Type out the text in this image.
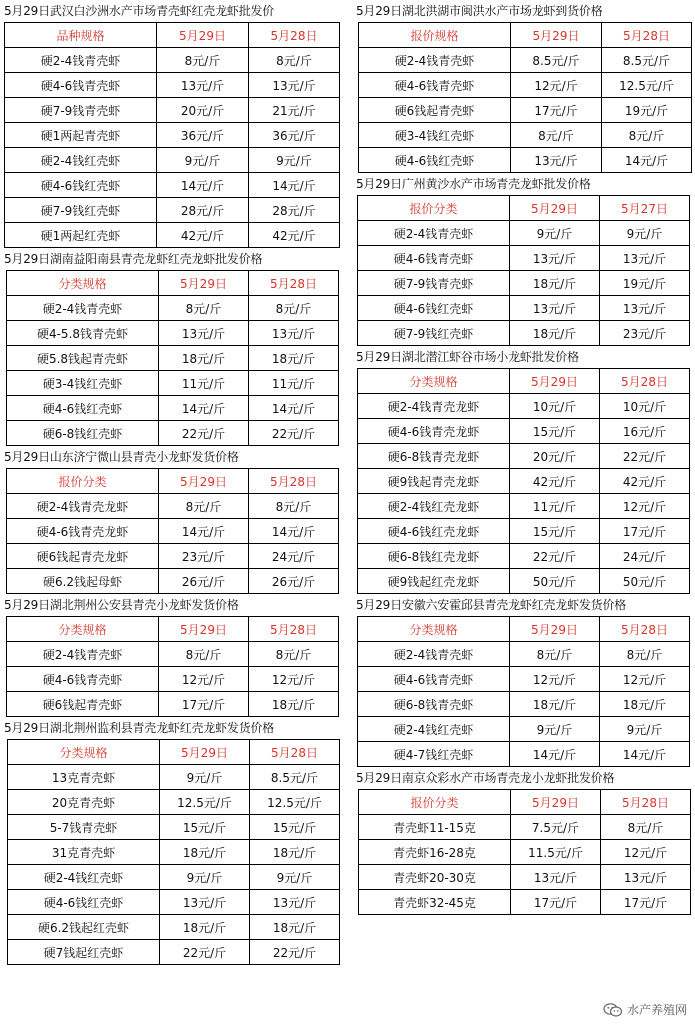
5月29日武汉白沙洲水产市场青壳虾红壳龙虾批发价
品种规格	5月29日	5月28日
硬2-4钱青壳虾	8元/斤	8元/斤
硬4-6钱青壳虾	13元/斤	13元/斤
硬7-9钱青壳虾	20元/斤	21元/斤
硬1两起青壳虾	36元/斤	36元/斤
硬2-4钱红壳虾	9元/斤	9元/斤
硬4-6钱红壳虾	14元/斤	14元/斤
硬7-9钱红壳虾	28元/斤	28元/斤
硬1两起红壳虾	42元/斤	42元/斤
5月29日湖南益阳南县青壳龙虾红壳龙虾批发价格
分类规格	5月29日	5月28日
硬2-4钱青壳虾	8元/斤	8元/斤
硬4-5.8钱青壳虾	13元/斤	13元/斤
硬5.8钱起青壳虾	18元/斤	18元/斤
硬3-4钱红壳虾	11元/斤	11元/斤
硬4-6钱红壳虾	14元/斤	14元/斤
硬6-8钱红壳虾	22元/斤	22元/斤
5月29日山东济宁微山县青壳小龙虾发货价格
报价分类	5月29日	5月28日
硬2-4钱青壳龙虾	8元/斤	8元/斤
硬4-6钱青壳龙虾	14元/斤	14元/斤
硬6钱起青壳龙虾	23元/斤	24元/斤
硬6.2钱起母虾	26元/斤	26元/斤
5月29日湖北荆州公安县青壳小龙虾发货价格
分类规格	5月29日	5月28日
硬2-4钱青壳虾	8元/斤	8元/斤
硬4-6钱青壳虾	12元/斤	12元/斤
硬6钱起青壳虾	17元/斤	18元/斤
5月29日湖北荆州监利县青壳龙虾红壳龙虾发货价格
分类规格	5月29日	5月28日
13克青壳虾	9元/斤	8.5元/斤
20克青壳虾	12.5元/斤	12.5元/斤
5-7钱青壳虾	15元/斤	15元/斤
31克青壳虾	18元/斤	18元/斤
硬2-4钱红壳虾	9元/斤	9元/斤
硬4-6钱红壳虾	13元/斤	13元/斤
硬6.2钱起红壳虾	18元/斤	18元/斤
硬7钱起红壳虾	22元/斤	22元/斤
5月29日湖北洪湖市闽洪水产市场龙虾到货价格
报价规格	5月29日	5月28日
硬2-4钱青壳虾	8.5元/斤	8.5元/斤
硬4-6钱青壳虾	12元/斤	12.5元/斤
硬6钱起青壳虾	17元/斤	19元/斤
硬3-4钱红壳虾	8元/斤	8元/斤
硬4-6钱红壳虾	13元/斤	14元/斤
5月29日广州黄沙水产市场青壳龙虾批发价格
报价分类	5月29日	5月27日
硬2-4钱青壳虾	9元/斤	9元/斤
硬4-6钱青壳虾	13元/斤	13元/斤
硬7-9钱青壳虾	18元/斤	19元/斤
硬4-6钱红壳虾	13元/斤	13元/斤
硬7-9钱红壳虾	18元/斤	23元/斤
5月29日湖北潜江虾谷市场小龙虾批发价格
分类规格	5月29日	5月28日
硬2-4钱青壳龙虾	10元/斤	10元/斤
硬4-6钱青壳龙虾	15元/斤	16元/斤
硬6-8钱青壳龙虾	20元/斤	22元/斤
硬9钱起青壳龙虾	42元/斤	42元/斤
硬2-4钱红壳龙虾	11元/斤	12元/斤
硬4-6钱红壳龙虾	15元/斤	17元/斤
硬6-8钱红壳龙虾	22元/斤	24元/斤
硬9钱起红壳龙虾	50元/斤	50元/斤
5月29日安徽六安霍邱县青壳龙虾红壳龙虾发货价格
分类规格	5月29日	5月28日
硬2-4钱青壳虾	8元/斤	8元/斤
硬4-6钱青壳虾	12元/斤	12元/斤
硬6-8钱青壳虾	18元/斤	18元/斤
硬2-4钱红壳虾	9元/斤	9元/斤
硬4-7钱红壳虾	14元/斤	14元/斤
5月29日南京众彩水产市场青壳龙小龙虾批发价格
报价分类	5月29日	5月28日
青壳虾11-15克	7.5元/斤	8元/斤
青壳虾16-28克	11.5元/斤	12元/斤
青壳虾20-30克	13元/斤	13元/斤
青壳虾32-45克	17元/斤	17元/斤
水产养殖网
